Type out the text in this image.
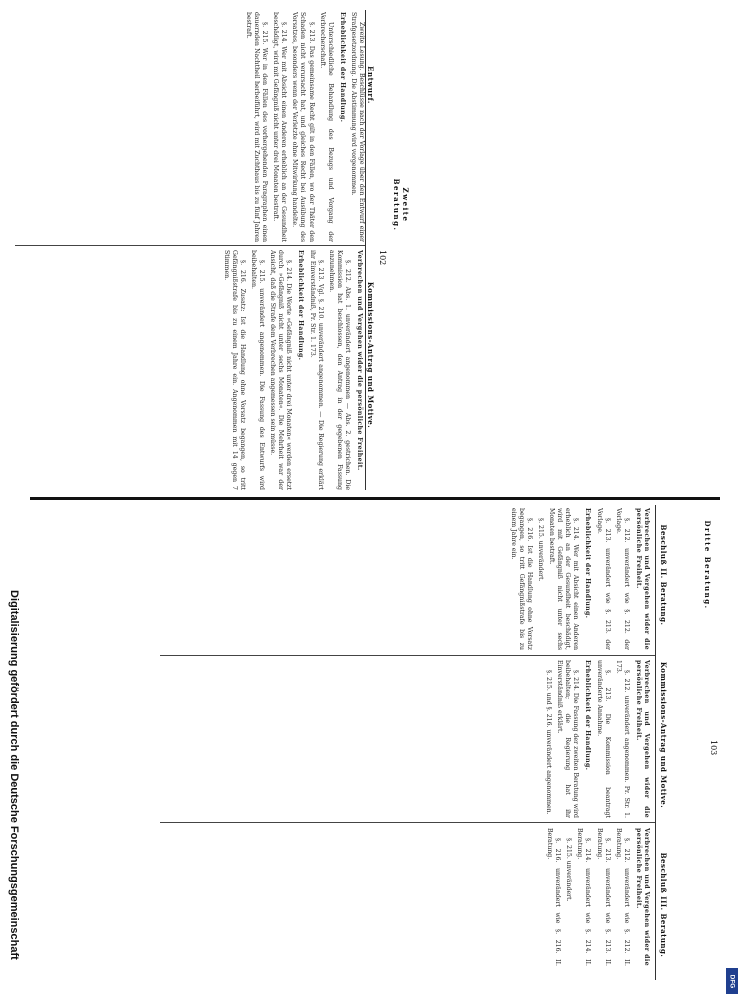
102
Zweite Beratung.
Entwurf.
Kommissions-Antrag und Motive.

Zweite Lesung. Beschlüsse nach der Vorlage über den Entwurf einer Strafgesetzordnung. Die Abstimmung wird vorgenommen.

Erheblichkeit der Handlung.

Unterschiedliche Behandlung des Bezugs und Vorgang der Verbrecherschaft.

§. 213. Das gemeinsame Recht gilt in den Fällen, wo der Thäter den Schaden nicht verursacht hat, und gleiches Recht bei Ausübung des Vorsatzes, besonders wenn der Verletzte ohne Mitwirkung handelte.

§. 214. Wer mit Absicht einen Anderen erheblich an der Gesundheit beschädigt, wird mit Gefängniß nicht unter drei Monaten bestraft.

§. 215. Wer in den Fällen des vorhergehenden Paragraphen einen dauernden Nachtheil herbeiführt, wird mit Zuchthaus bis zu fünf Jahren bestraft.

Verbrechen und Vergehen wider die persönliche Freiheit.

§. 212. Abs. 1. unverändert angenommen — Abs. 2. gestrichen. Die Kommission hat beschlossen, den Antrag in der gegebenen Fassung anzunehmen.

§. 213. Vgl. §. 210. unverändert angenommen. — Die Regierung erklärt ihr Einverständniß, Pr. Str. 1. 173.

Erheblichkeit der Handlung.

§. 214. Die Worte »Gefängniß nicht unter drei Monaten« werden ersetzt durch »Gefängniß nicht unter sechs Monaten«. Die Mehrheit war der Ansicht, daß die Strafe dem Verbrechen angemessen sein müsse.

§. 215. unverändert angenommen. Die Fassung des Entwurfs wird beibehalten.

§. 216. Zusatz: Ist die Handlung ohne Vorsatz begangen, so tritt Gefängnißstrafe bis zu einem Jahre ein. Angenommen mit 14 gegen 7 Stimmen.

103
Dritte Beratung.
Beschluß II. Beratung.
Kommissions-Antrag und Motive.
Beschluß III. Beratung.

Verbrechen und Vergehen wider die persönliche Freiheit.

§. 212. unverändert wie §. 212. der Vorlage.

§. 213. unverändert wie §. 213. der Vorlage.

Erheblichkeit der Handlung.

§. 214. Wer mit Absicht einen Anderen erheblich an der Gesundheit beschädigt, wird mit Gefängniß nicht unter sechs Monaten bestraft.

§. 215. unverändert.

§. 216. Ist die Handlung ohne Vorsatz begangen, so tritt Gefängnißstrafe bis zu einem Jahre ein.

Verbrechen und Vergehen wider die persönliche Freiheit.

§. 212. unverändert angenommen. Pr. Str. 1. 173.

§. 213. Die Kommission beantragt unveränderte Annahme.

Erheblichkeit der Handlung.

§. 214. Die Fassung der zweiten Beratung wird beibehalten; die Regierung hat ihr Einverständniß erklärt.

§. 215. und §. 216. unverändert angenommen.

Verbrechen und Vergehen wider die persönliche Freiheit.

§. 212. unverändert wie §. 212. II. Beratung.

§. 213. unverändert wie §. 213. II. Beratung.

§. 214. unverändert wie §. 214. II. Beratung.

§. 215. unverändert.

§. 216. unverändert wie §. 216. II. Beratung.

Digitalisierung gefördert durch die Deutsche Forschungsgemeinschaft
DFG
